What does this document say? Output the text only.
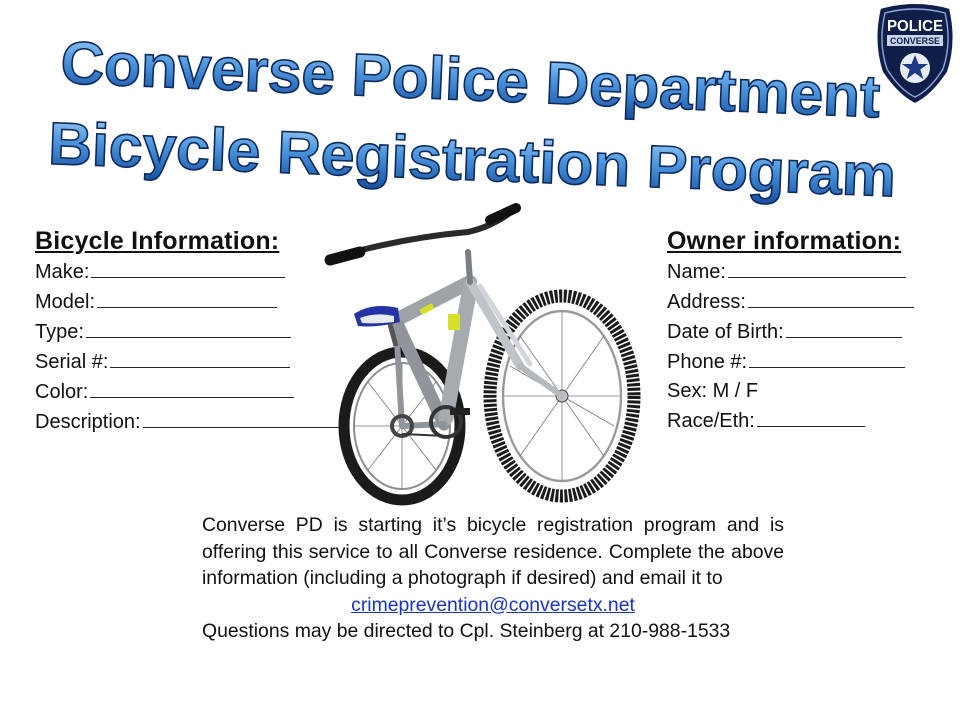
Converse Police Department
Bicycle Registration Program
POLICE
CONVERSE
Bicycle Information:
Make:
Model:
Type:
Serial #:
Color:
Description:
Owner information:
Name:
Address:
Date of Birth:
Phone #:
Sex: M / F
Race/Eth:

Converse PD is starting it’s bicycle registration program and is offering this service to all Converse residence. Complete the above information (including a photograph if desired) and email it to

crimeprevention@conversetx.net

Questions may be directed to Cpl. Steinberg at 210-988-1533
